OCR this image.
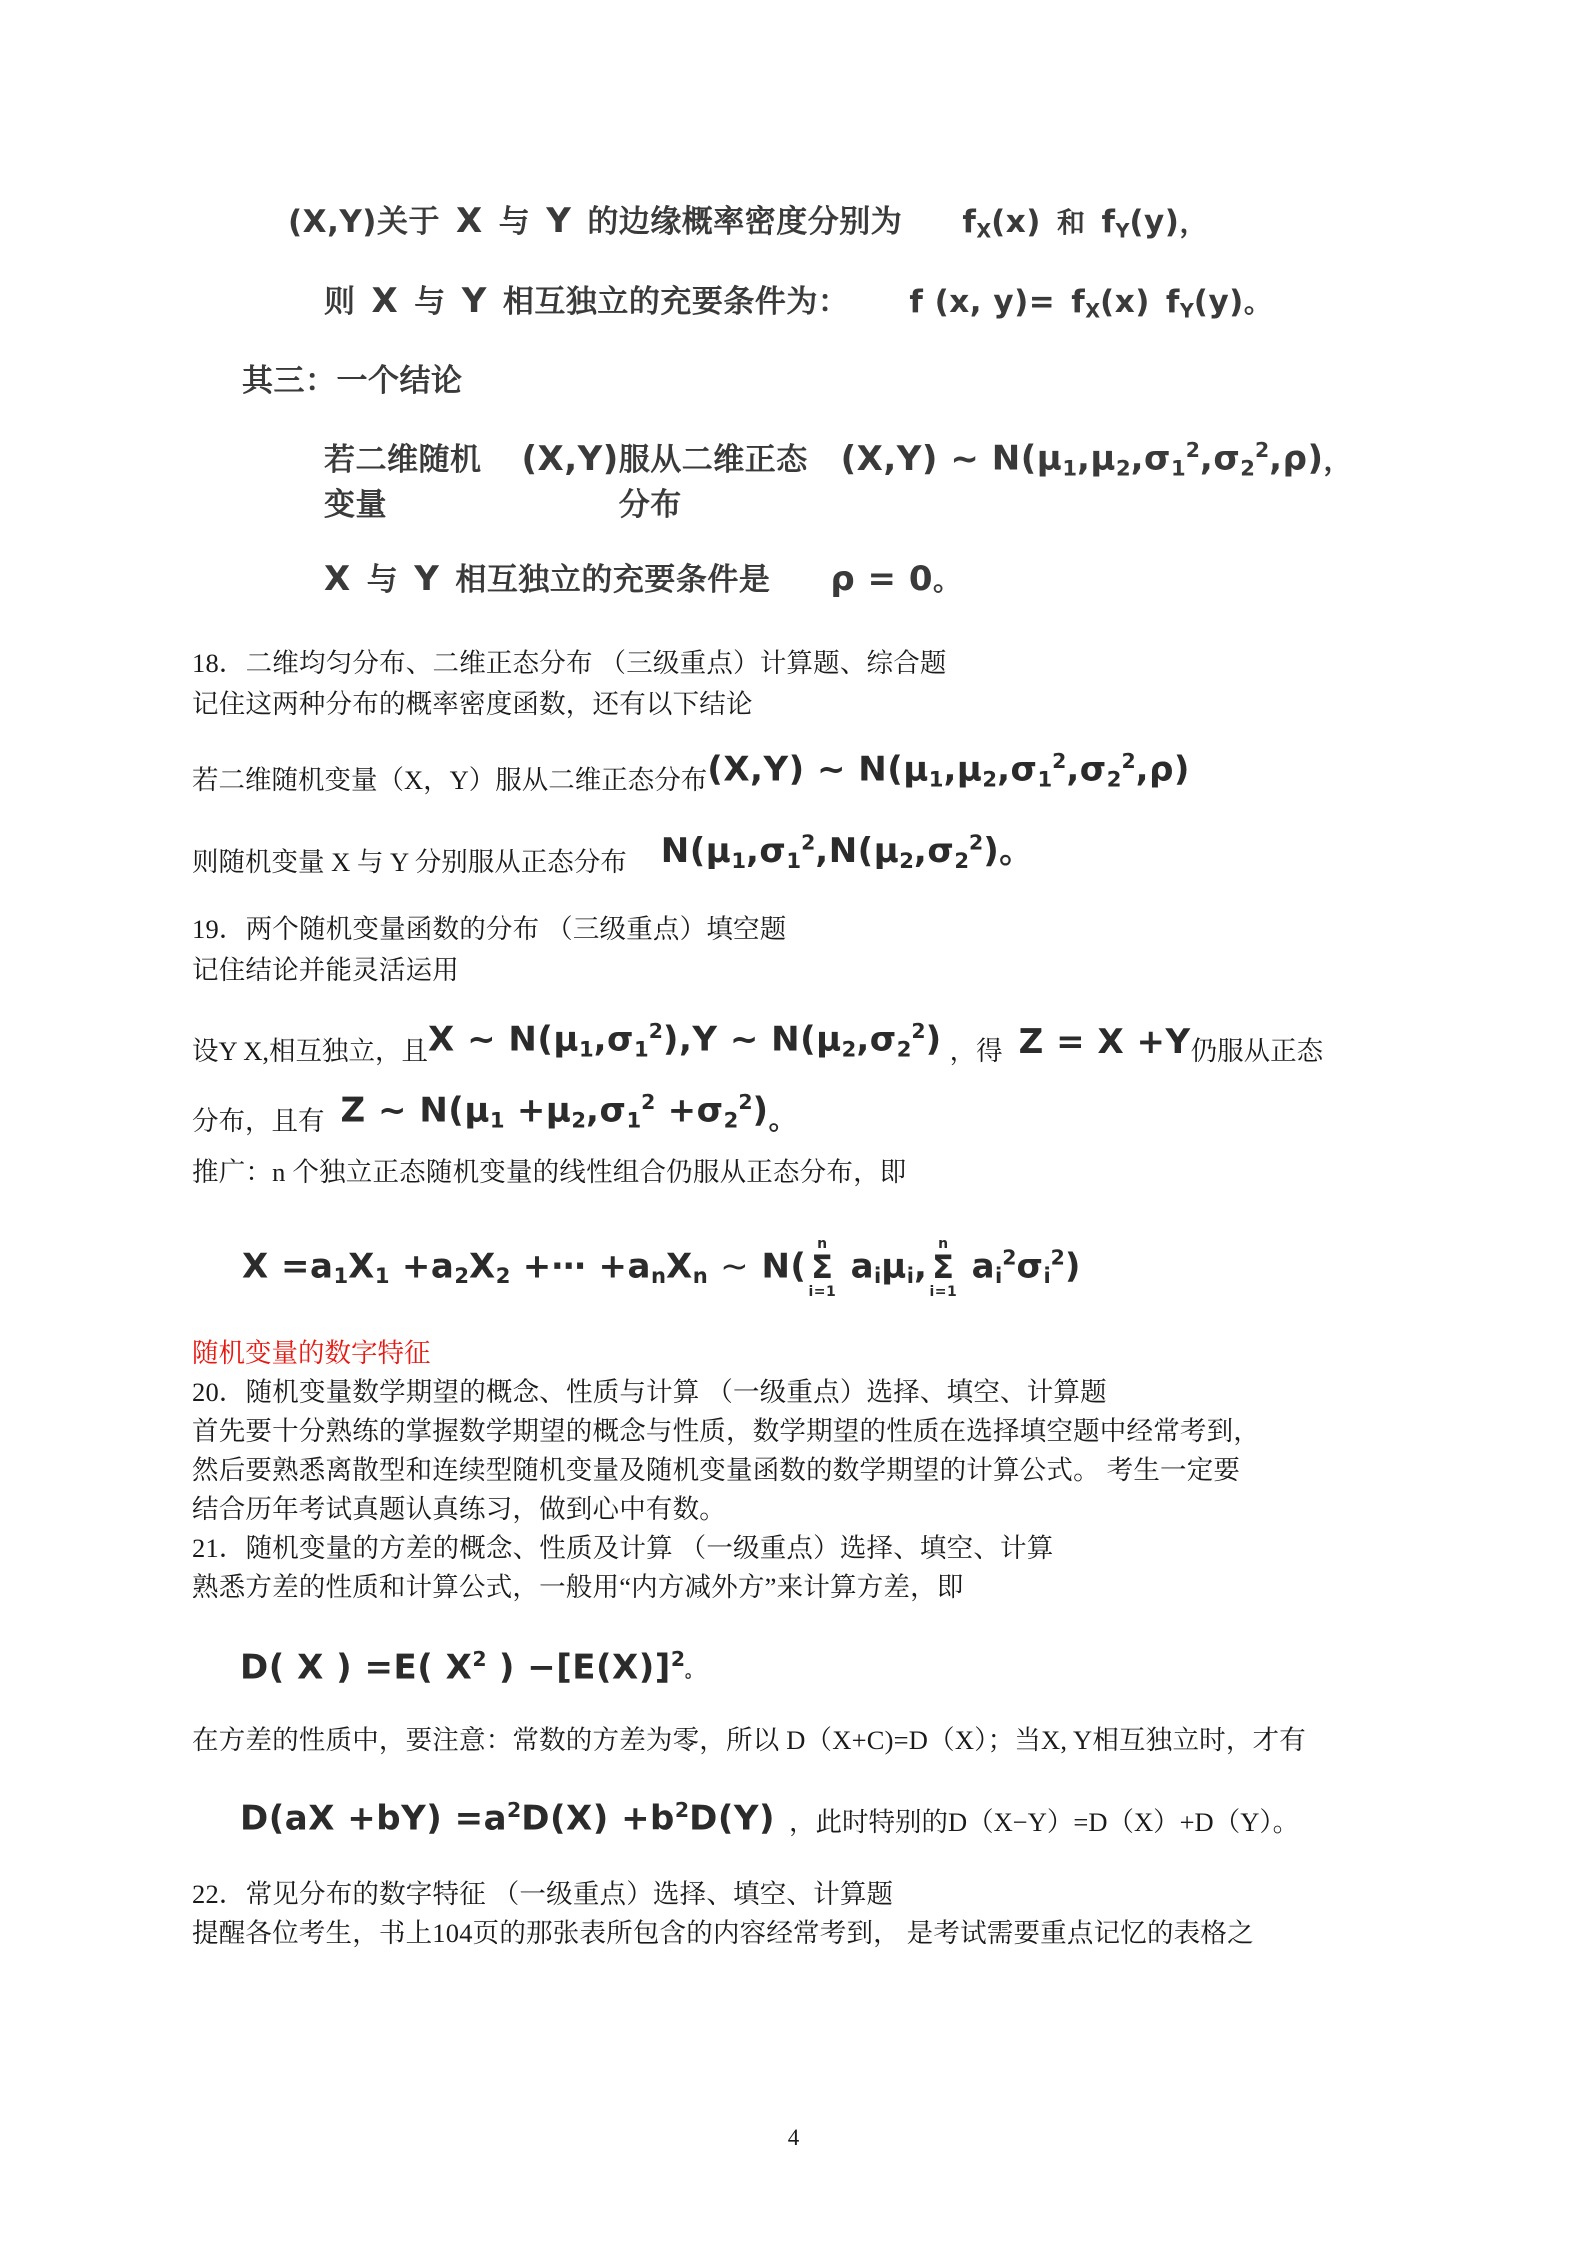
(X,Y)关于 X 与 Y 的边缘概率密度分别为 $f_X(x)$ 和 $f_Y(y)$ ，
则 X 与 Y 相互独立的充要条件为： f (x, $y)= f_X(x)$ $f_Y(y)$ 。
其三：一个结论
若二维随机变量
(X,Y) 服从二维正态分布
(X,Y) ~ $N(\mu_1,\mu_2,\sigma_1^2,\sigma_2^2,\rho)$ ，
X 与 Y 相互独立的充要条件是 ρ = 0 。
18．二维均匀分布、二维正态分布 （三级重点）计算题、综合题
记住这两种分布的概率密度函数，还有以下结论
若二维随机变量（X，Y）服从二维正态分布 (X,Y) ~ $N(\mu_1,\mu_2,\sigma_1^2,\sigma_2^2,\rho)$
则随机变量 X 与 Y 分别服从正态分布 $N(\mu_1,\sigma_1^2,N(\mu_2,\sigma_2^2)$。
19．两个随机变量函数的分布 （三级重点）填空题
记住结论并能灵活运用
设Y X,相互独立，且 X ~ $N(\mu_1,\sigma_1^2),Y$ ~ $N(\mu_2,\sigma_2^2)$ ，得 Z = X +Y 仍服从正态
分布，且有 Z ~ $N(\mu_1 +\mu_2,\sigma_1^2 +\sigma_2^2)$ 。
推广：n 个独立正态随机变量的线性组合仍服从正态分布，即
$X =a_1X_1 +a_2X_2$ +⋯ $+a_nX_n$ ~ N(
n
Σ
i=1
$a_i\mu_i$,
n
Σ
i=1
$a_i^2\sigma_i^2$)
随机变量的数字特征
20．随机变量数学期望的概念、性质与计算 （一级重点）选择、填空、计算题
首先要十分熟练的掌握数学期望的概念与性质，数学期望的性质在选择填空题中经常考到，
然后要熟悉离散型和连续型随机变量及随机变量函数的数学期望的计算公式。 考生一定要
结合历年考试真题认真练习，做到心中有数。
21．随机变量的方差的概念、性质及计算 （一级重点）选择、填空、计算
熟悉方差的性质和计算公式，一般用“内方减外方”来计算方差，即
D( X ) =E( $X^2$ ) $-[E(X)]^2$。
在方差的性质中，要注意：常数的方差为零，所以 D（X+C)=D（X）；当X, Y相互独立时，才有
$D(aX +bY) =a^2D(X) +b^2D(Y)$ ，此时特别的D（X−Y）=D（X）+D（Y）。
22．常见分布的数字特征 （一级重点）选择、填空、计算题
提醒各位考生，书上104页的那张表所包含的内容经常考到， 是考试需要重点记忆的表格之
4
